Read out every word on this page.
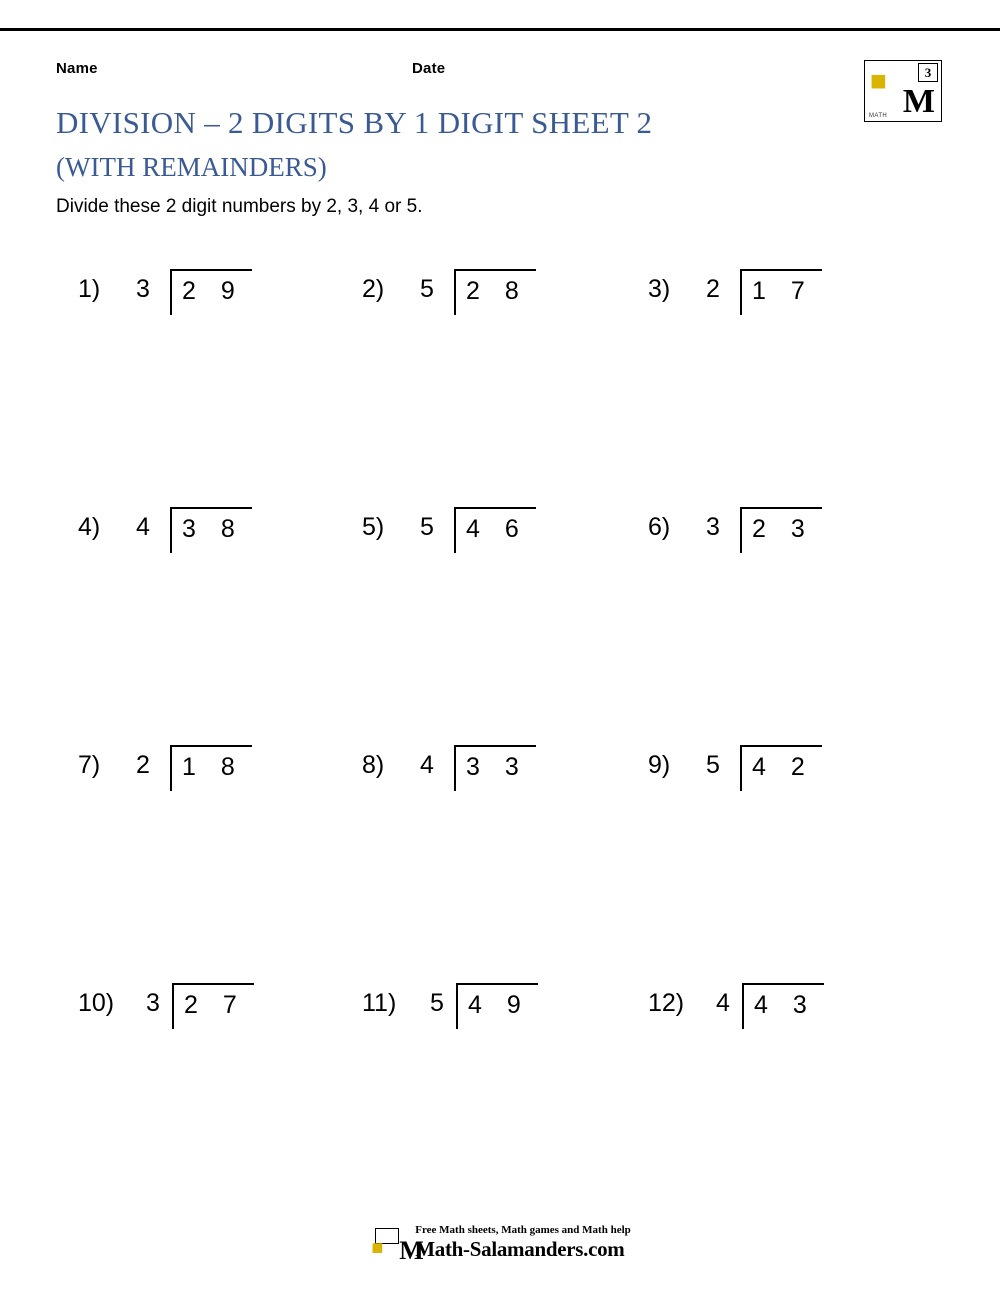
Name	Date	■
MATH
3
M
DIVISION – 2 DIGITS BY 1 DIGIT SHEET 2
(WITH REMAINDERS)
Divide these 2 digit numbers by 2, 3, 4 or 5.
1) 3 2 9	2) 5 2 8	3) 2 1 7
4) 4 3 8	5) 5 4 6	6) 3 2 3
7) 2 1 8	8) 4 3 3	9) 5 4 2
10) 3 2 7	11) 5 4 9	12) 4 4 3
■
Free Math sheets, Math games and Math help
Math-Salamanders.com
M
